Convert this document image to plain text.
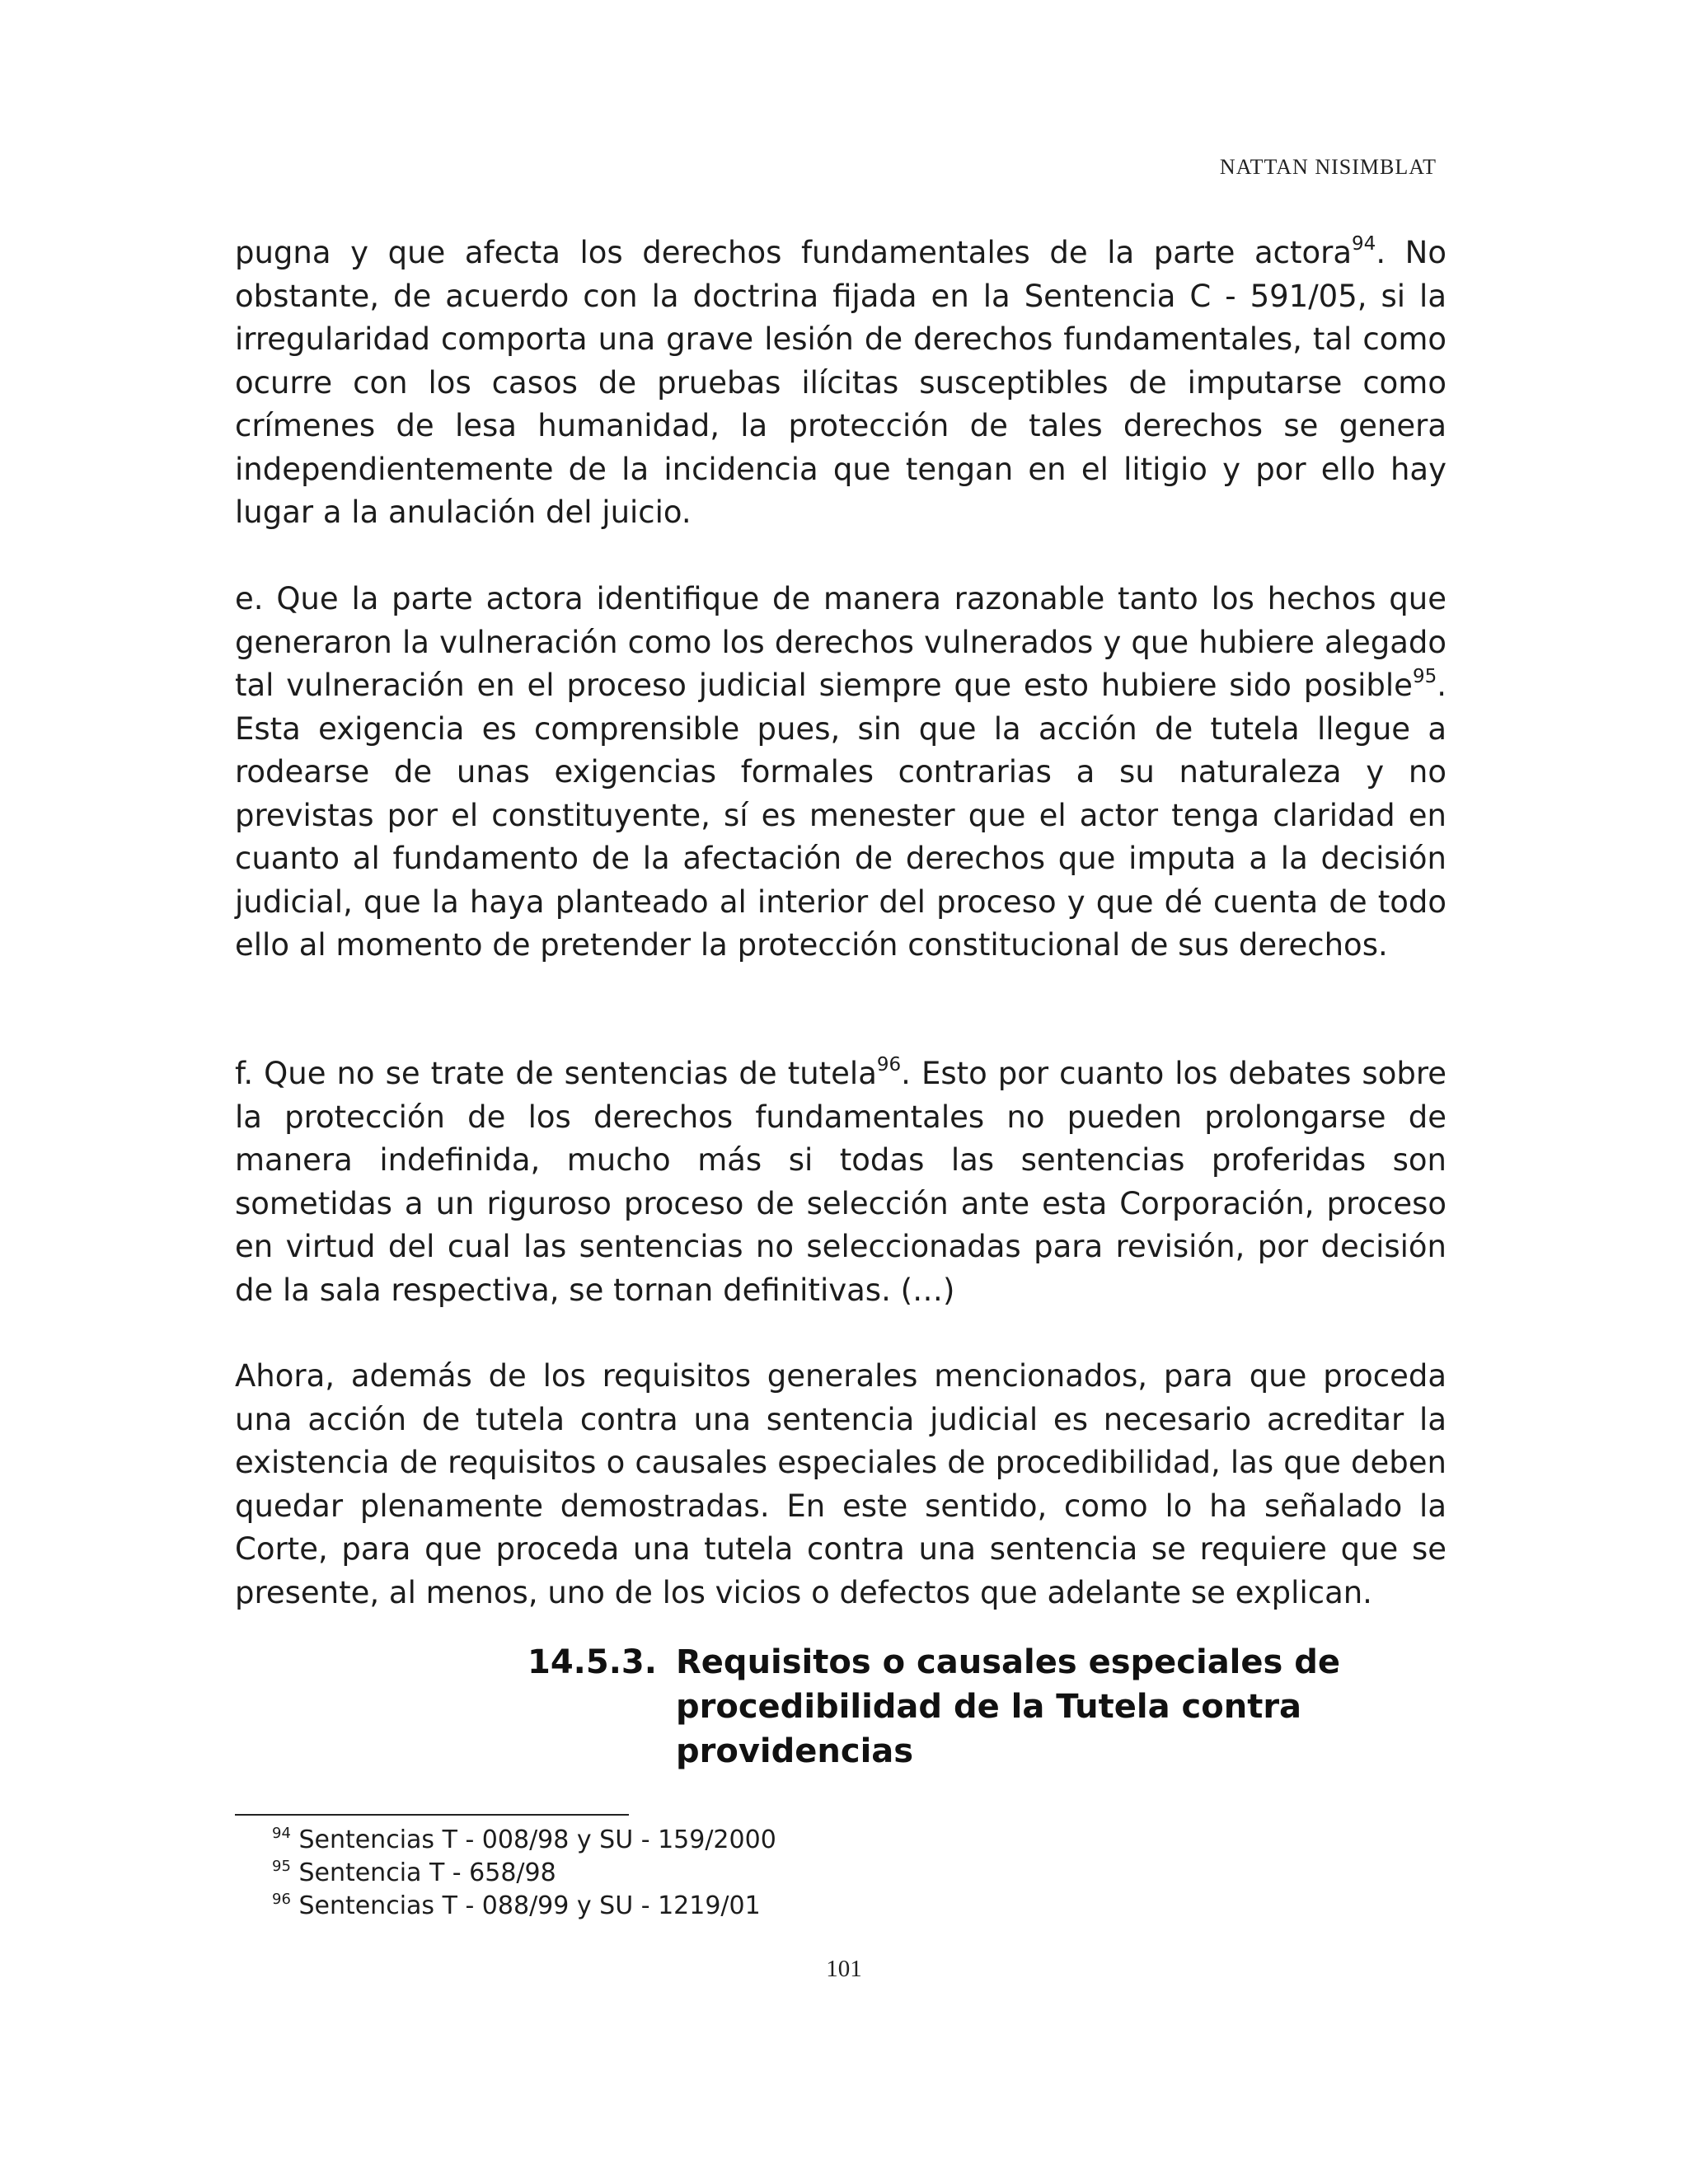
NATTAN NISIMBLAT

pugna y que afecta los derechos fundamentales de la parte actora$^{94}$. No obstante, de acuerdo con la doctrina fijada en la Sentencia C - 591/05, si la irregularidad comporta una grave lesión de derechos fundamentales, tal como ocurre con los casos de pruebas ilícitas susceptibles de imputarse como crímenes de lesa humanidad, la protección de tales derechos se genera independientemente de la incidencia que tengan en el litigio y por ello hay lugar a la anulación del juicio.

e. Que la parte actora identifique de manera razonable tanto los hechos que generaron la vulneración como los derechos vulnerados y que hubiere alegado tal vulneración en el proceso judicial siempre que esto hubiere sido posible$^{95}$. Esta exigencia es comprensible pues, sin que la acción de tutela llegue a rodearse de unas exigencias formales contrarias a su naturaleza y no previstas por el constituyente, sí es menester que el actor tenga claridad en cuanto al fundamento de la afectación de derechos que imputa a la decisión judicial, que la haya planteado al interior del proceso y que dé cuenta de todo ello al momento de pretender la protección constitucional de sus derechos.

f. Que no se trate de sentencias de tutela$^{96}$. Esto por cuanto los debates sobre la protección de los derechos fundamentales no pueden prolongarse de manera indefinida, mucho más si todas las sentencias proferidas son sometidas a un riguroso proceso de selección ante esta Corporación, proceso en virtud del cual las sentencias no seleccionadas para revisión, por decisión de la sala respectiva, se tornan definitivas. (…)

Ahora, además de los requisitos generales mencionados, para que proceda una acción de tutela contra una sentencia judicial es necesario acreditar la existencia de requisitos o causales especiales de procedibilidad, las que deben quedar plenamente demostradas. En este sentido, como lo ha señalado la Corte, para que proceda una tutela contra una sentencia se requiere que se presente, al menos, uno de los vicios o defectos que adelante se explican.

14.5.3. Requisitos o causales especiales de procedibilidad de la Tutela contra providencias
$^{94}$ Sentencias T - 008/98 y SU - 159/2000
$^{95}$ Sentencia T - 658/98
$^{96}$ Sentencias T - 088/99 y SU - 1219/01
101
